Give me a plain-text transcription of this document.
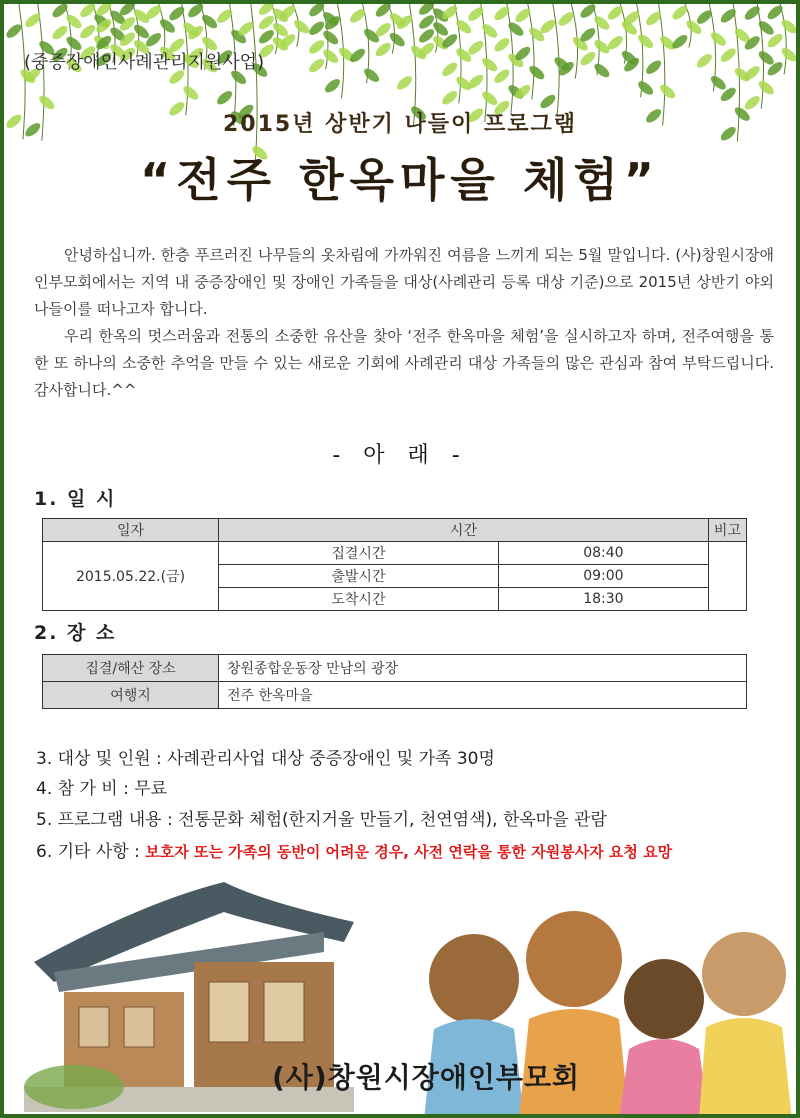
(중증장애인사례관리지원사업)
2015년 상반기 나들이 프로그램
“전주 한옥마을 체험”

안녕하십니까. 한층 푸르러진 나무들의 옷차림에 가까워진 여름을 느끼게 되는 5월 말입니다. (사)창원시장애인부모회에서는 지역 내 중증장애인 및 장애인 가족들을 대상(사례관리 등록 대상 기준)으로 2015년 상반기 야외 나들이를 떠나고자 합니다.

우리 한옥의 멋스러움과 전통의 소중한 유산을 찾아 ‘전주 한옥마을 체험’을 실시하고자 하며, 전주여행을 통한 또 하나의 소중한 추억을 만들 수 있는 새로운 기회에 사례관리 대상 가족들의 많은 관심과 참여 부탁드립니다. 감사합니다.^^

- 아 래 -
1. 일 시
일자	시간		비고
2015.05.22.(금)	집결시간	08:40	
	출발시간	09:00	
	도착시간	18:30	
2. 장 소
집결/해산 장소	창원종합운동장 만남의 광장
여행지	전주 한옥마을
3. 대상 및 인원 : 사례관리사업 대상 중증장애인 및 가족 30명
4. 참 가 비 : 무료
5. 프로그램 내용 : 전통문화 체험(한지거울 만들기, 천연염색), 한옥마을 관람
6. 기타 사항 : 보호자 또는 가족의 동반이 어려운 경우, 사전 연락을 통한 자원봉사자 요청 요망
(사)창원시장애인부모회
